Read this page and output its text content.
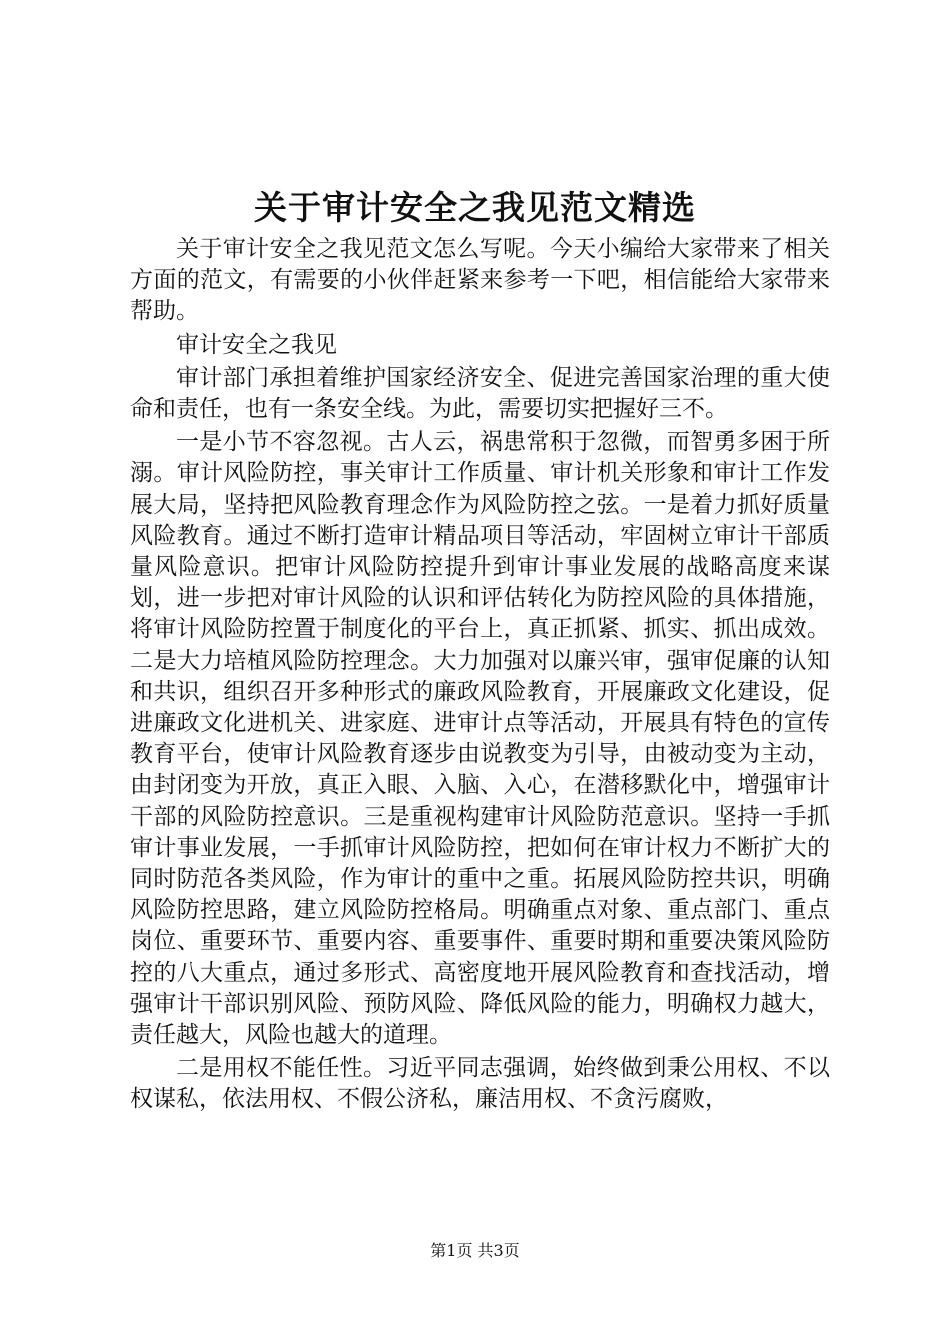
关于审计安全之我见范文精选

关于审计安全之我见范文怎么写呢。今天小编给大家带来了相关方面的范文，有需要的小伙伴赶紧来参考一下吧，相信能给大家带来帮助。

审计安全之我见

审计部门承担着维护国家经济安全、促进完善国家治理的重大使命和责任，也有一条安全线。为此，需要切实把握好三不。

一是小节不容忽视。古人云，祸患常积于忽微，而智勇多困于所溺。审计风险防控，事关审计工作质量、审计机关形象和审计工作发展大局，坚持把风险教育理念作为风险防控之弦。一是着力抓好质量风险教育。通过不断打造审计精品项目等活动，牢固树立审计干部质量风险意识。把审计风险防控提升到审计事业发展的战略高度来谋划，进一步把对审计风险的认识和评估转化为防控风险的具体措施，将审计风险防控置于制度化的平台上，真正抓紧、抓实、抓出成效。二是大力培植风险防控理念。大力加强对以廉兴审，强审促廉的认知和共识，组织召开多种形式的廉政风险教育，开展廉政文化建设，促进廉政文化进机关、进家庭、进审计点等活动，开展具有特色的宣传教育平台，使审计风险教育逐步由说教变为引导，由被动变为主动，由封闭变为开放，真正入眼、入脑、入心，在潜移默化中，增强审计干部的风险防控意识。三是重视构建审计风险防范意识。坚持一手抓审计事业发展，一手抓审计风险防控，把如何在审计权力不断扩大的同时防范各类风险，作为审计的重中之重。拓展风险防控共识，明确风险防控思路，建立风险防控格局。明确重点对象、重点部门、重点岗位、重要环节、重要内容、重要事件、重要时期和重要决策风险防控的八大重点，通过多形式、高密度地开展风险教育和查找活动，增强审计干部识别风险、预防风险、降低风险的能力，明确权力越大，责任越大，风险也越大的道理。

二是用权不能任性。习近平同志强调，始终做到秉公用权、不以权谋私，依法用权、不假公济私，廉洁用权、不贪污腐败，

第1页 共3页
